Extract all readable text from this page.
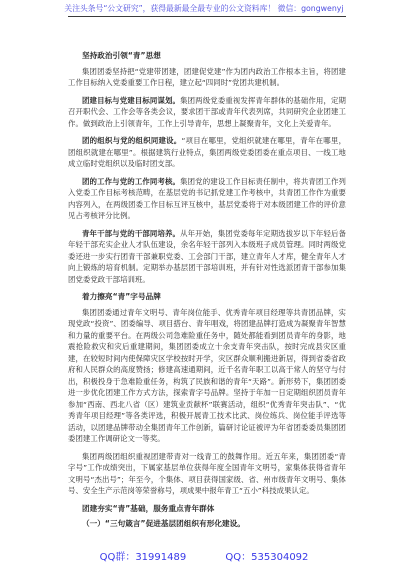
关注头条号“公文研究”，获得最新最全最专业的公文资料库！ 微信：gongwenyj
坚持政治引领“青”思想
集团团委坚持把“党建带团建，团建促党建”作为团内政治工作根本主旨，将团建工作目标纳入党委重要工作日程，建立起“四同时”党团共建机制。
团建目标与党建目标同谋划。集团两级党委重视发挥青年群体的基础作用，定期召开职代会、工作会等各类会议，要求团干部或青年代表列席，共同研究企业团建工作。做到政治上引领青年，工作上引导青年，思想上凝聚青年，文化上关爱青年。
团的组织与党的组织同建设。“项目在哪里，党组织就建在哪里，青年在哪里，团组织就建在哪里”。根据建筑行业特点，集团两级党委团委在重点项目、一线工地成立临时党组织以及临时团支部。
团的工作与党的工作同考核。集团党的建设工作目标责任制中，将共青团工作列入党委工作目标考核范畴，在基层党的书记抓党建工作考核中，共青团工作作为重要内容列入，在两级团委工作目标互评互核中，基层党委将于对本级团建工作的评价意见占考核评分比例。
青年干部与党的干部同培养。从年开始，集团党委每年定期选拔岁以下年轻后备年轻干部充实企业人才队伍建设，余名年轻干部列入本级班子成员管理。同时两级党委还进一步实行团青干部兼职党委、工会部门干部，建立青年人才库，健全青年人才向上锻炼的培育机制。定期举办基层团干部培训班，并有针对性选派团青干部参加集团党委党政干部培训班。
着力擦亮“青”字号品牌
集团团委通过青年文明号、青年岗位能手、优秀青年项目经理等共青团品牌，实现党政“投资”、团委编导、项目搭台、青年唱戏，将团建品牌打造成为凝聚青年智慧和力量的重要平台。在两级公司急难险重任务中，随处都能看到团员青年的身影，地震抢险救灾和灾后重建期间，集团团委成立十余支青年突击队，按时完成县灾区重建，在较短时间内使保障灾区学校按时开学，灾区群众顺利搬进新居，得到省委省政府和人民群众的高度赞扬；修建高速通期间，近千名青年职工以高于常人的坚守与付出，积极投身于急难险重任务，构筑了民族和谐的青年“天路”。新形势下，集团团委进一步优化团建工作方式方法，探索青字号品牌。坚持于年加一日定期组织团员青年参加“西南、西北八省（区）建筑业贡献杯”联赛活动，组织“优秀青年突击队”、“优秀青年项目经理”等各类评选，积极开展青工技术比武、岗位练兵、岗位能手评选等活动，以团建品牌带动全集团青年工作创新，篇研讨论证被评为年省团委委员集团团委团建工作调研论文一等奖。
集团两级团组织重视团建带青对一线青工的鼓舞作用。近五年来，集团团委“青字号”工作成绩突出，下属家基层单位获得年度全国青年文明号，家集体获得省青年文明号“杰出号”；年至今，个集体、项目获得国家级、省、州市级青年文明号、集体号、安全生产示范岗等荣誉称号，项成果中报年青工“五小”科技成果认定。
团建夯实“青”基础，服务重点青年群体
（一）“三句箴言”促进基层团组织有形化建设。
QQ群：31991489	QQ：535304092
